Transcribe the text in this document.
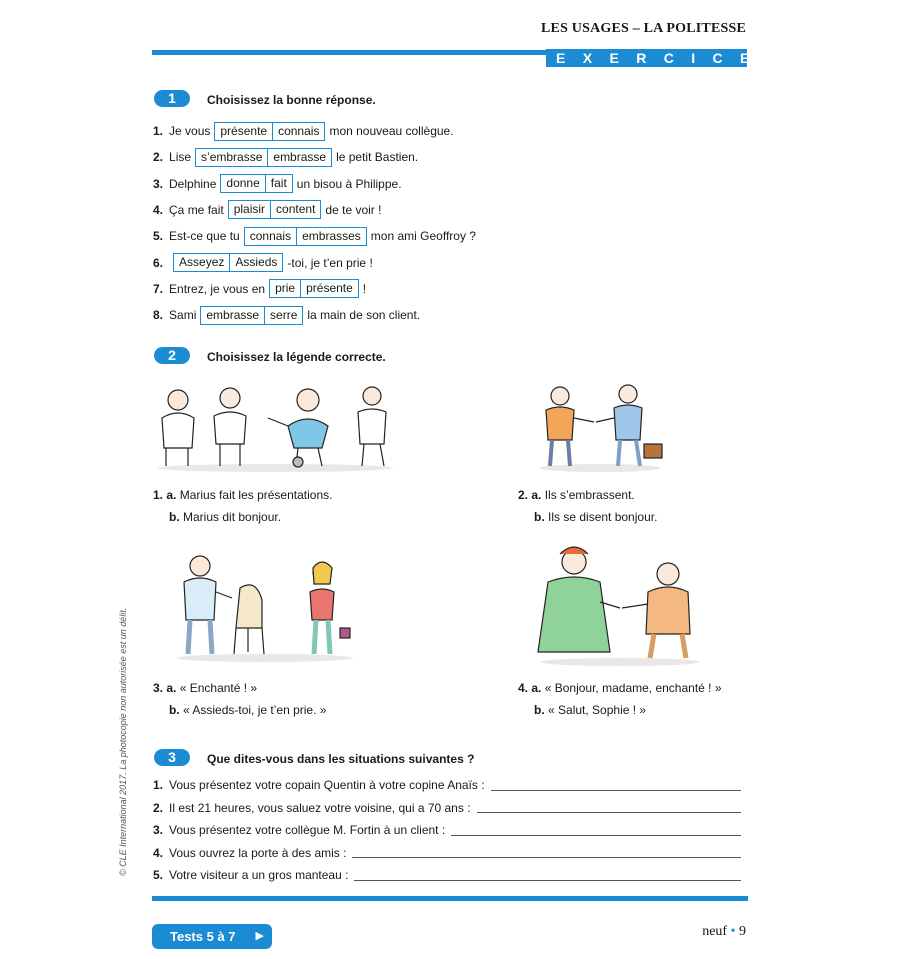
LES USAGES – LA POLITESSE
EXERCICES
1	Choisissez la bonne réponse.
1. Je vous présente connais mon nouveau collègue.
2. Lise s’embrasse embrasse le petit Bastien.
3. Delphine donne fait un bisou à Philippe.
4. Ça me fait plaisir content de te voir !
5. Est-ce que tu connais embrasses mon ami Geoffroy ?
6.	Asseyez Assieds -toi, je t’en prie !
7. Entrez, je vous en prie présente !
8. Sami embrasse serre la main de son client.
2	Choisissez la légende correcte.
1. a. Marius fait les présentations.
b. Marius dit bonjour.
2. a. Ils s’embrassent.
b. Ils se disent bonjour.
3. a. « Enchanté ! »
b. « Assieds-toi, je t’en prie. »
4. a. « Bonjour, madame, enchanté ! »
b. « Salut, Sophie ! »
3	Que dites-vous dans les situations suivantes ?
1. Vous présentez votre copain Quentin à votre copine Anaïs :
2. Il est 21 heures, vous saluez votre voisine, qui a 70 ans :
3. Vous présentez votre collègue M. Fortin à un client :
4. Vous ouvrez la porte à des amis :
5. Votre visiteur a un gros manteau :
Tests 5 à 7 ▶	neuf • 9
© CLE International 2017. La photocopie non autorisée est un délit.
